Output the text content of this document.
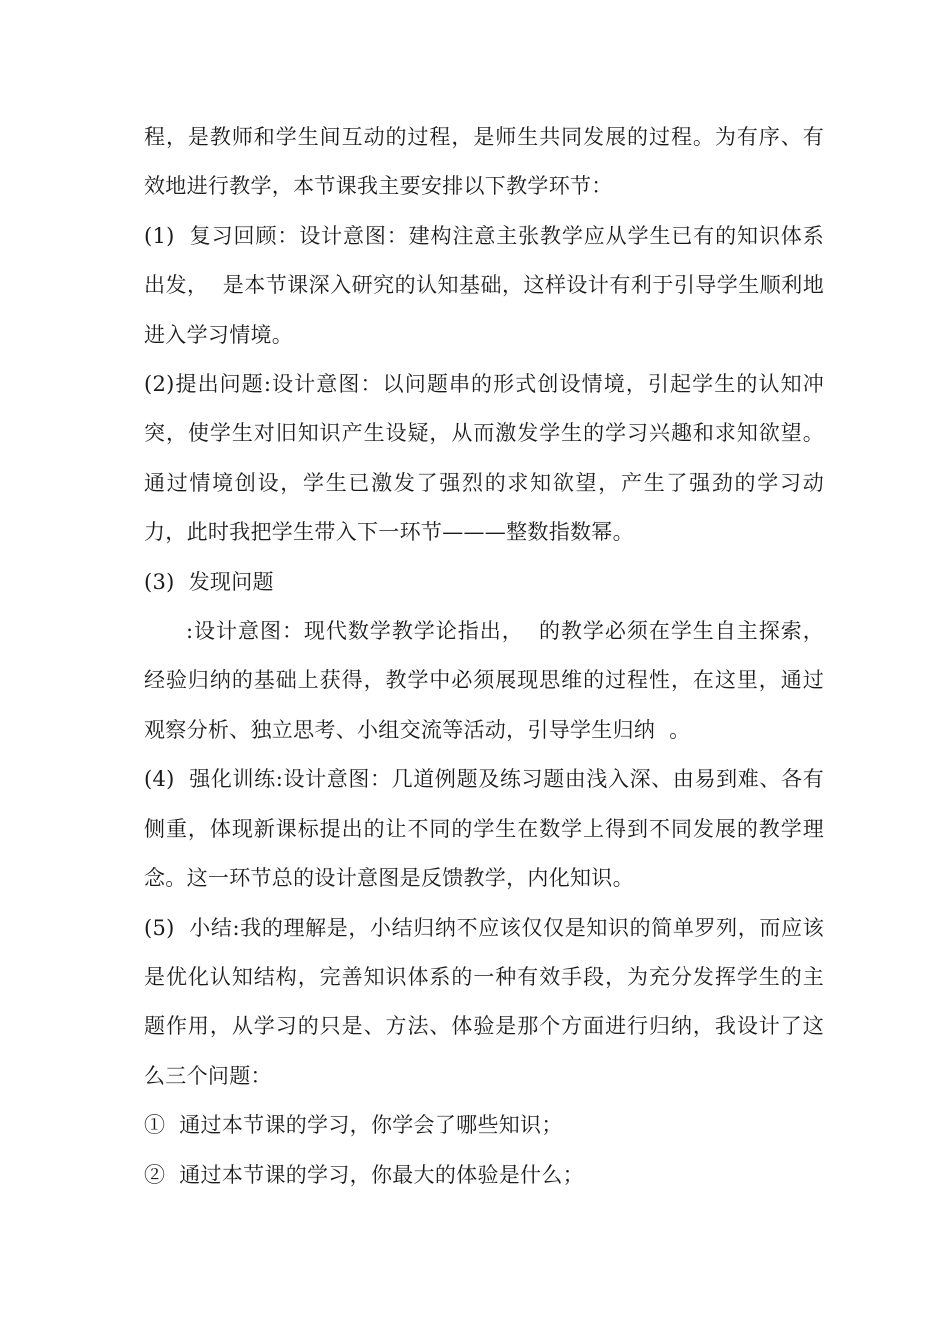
程，是教师和学生间互动的过程，是师生共同发展的过程。为有序、有效地进行教学，本节课我主要安排以下教学环节：

(1)  复习回顾：设计意图：建构注意主张教学应从学生已有的知识体系出发，  是本节课深入研究的认知基础，这样设计有利于引导学生顺利地进入学习情境。

(2)提出问题:设计意图：以问题串的形式创设情境，引起学生的认知冲突，使学生对旧知识产生设疑，从而激发学生的学习兴趣和求知欲望。通过情境创设，学生已激发了强烈的求知欲望，产生了强劲的学习动力，此时我把学生带入下一环节———整数指数幂。

(3)  发现问题

:设计意图：现代数学教学论指出，  的教学必须在学生自主探索，经验归纳的基础上获得，教学中必须展现思维的过程性，在这里，通过观察分析、独立思考、小组交流等活动，引导学生归纳  。

(4)  强化训练:设计意图：几道例题及练习题由浅入深、由易到难、各有侧重，体现新课标提出的让不同的学生在数学上得到不同发展的教学理念。这一环节总的设计意图是反馈教学，内化知识。

(5)  小结:我的理解是，小结归纳不应该仅仅是知识的简单罗列，而应该是优化认知结构，完善知识体系的一种有效手段，为充分发挥学生的主题作用，从学习的只是、方法、体验是那个方面进行归纳，我设计了这么三个问题：

①  通过本节课的学习，你学会了哪些知识；

②  通过本节课的学习，你最大的体验是什么；
